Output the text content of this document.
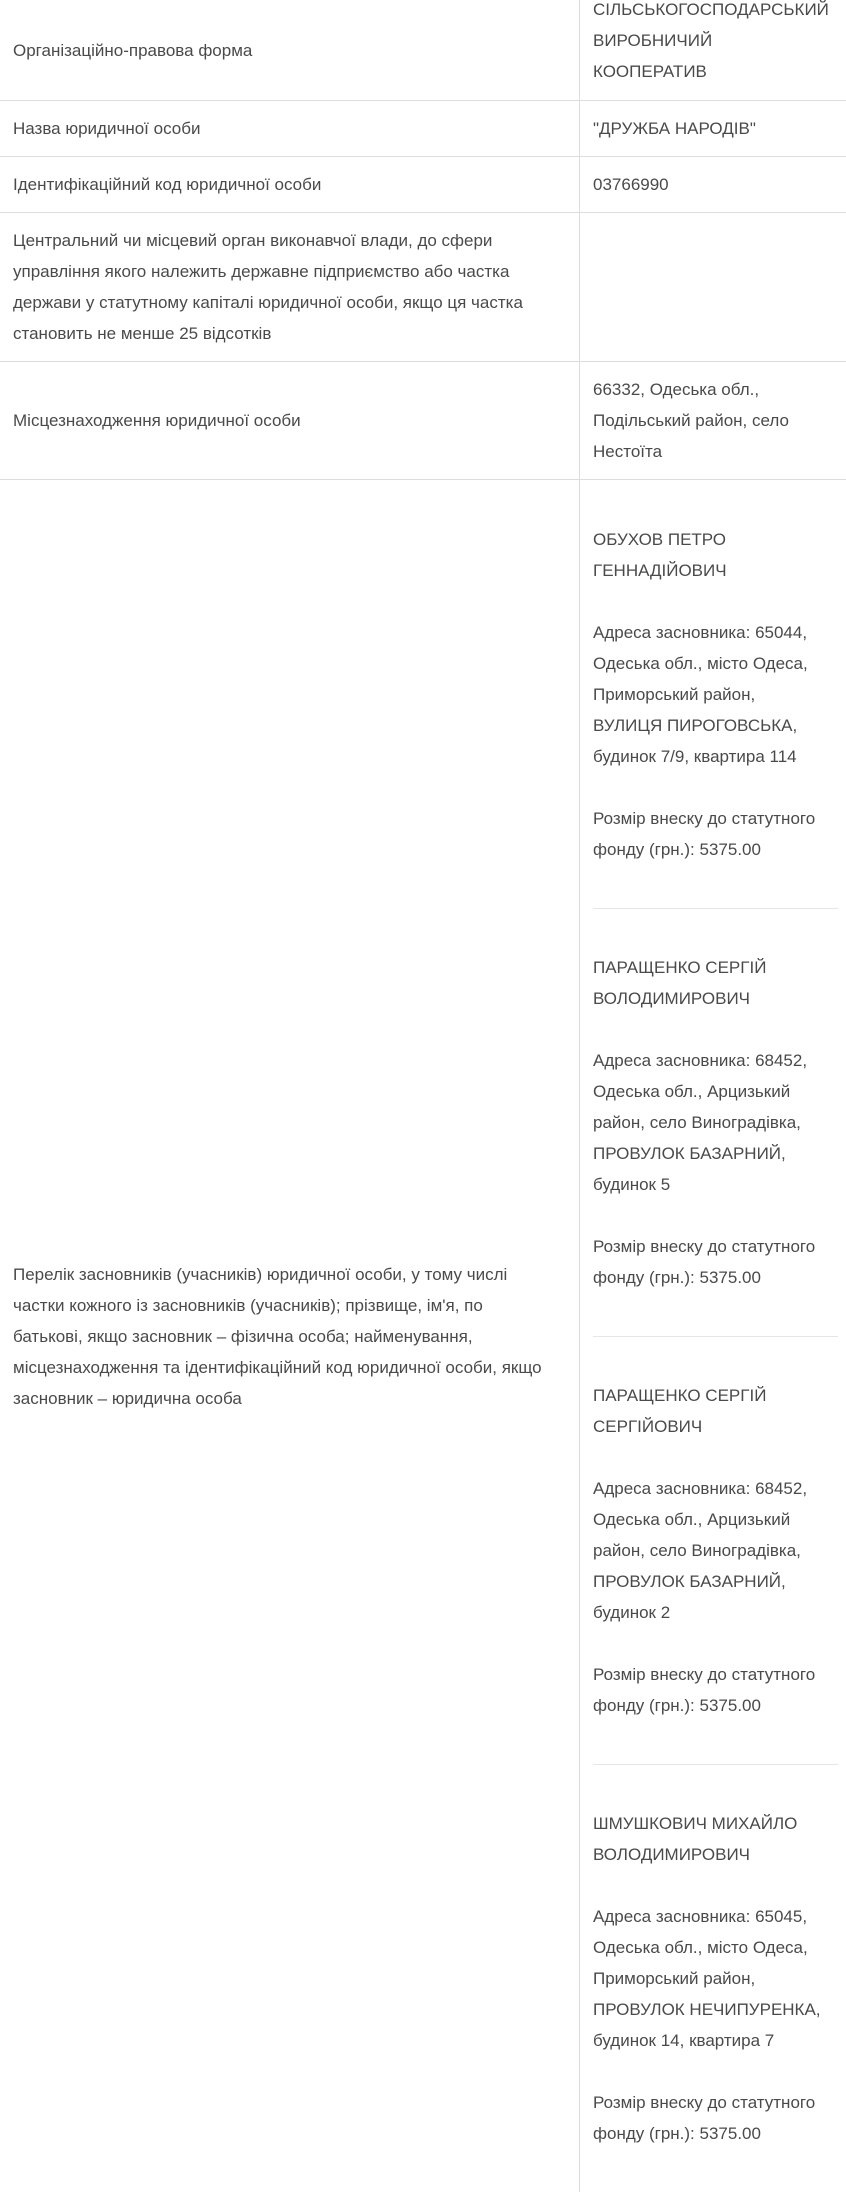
Організаційно-правова форма
СІЛЬСЬКОГОСПОДАРСЬКИЙ
ВИРОБНИЧИЙ
КООПЕРАТИВ
Назва юридичної особи	"ДРУЖБА НАРОДІВ"
Ідентифікаційний код юридичної особи	03766990
Центральний чи місцевий орган виконавчої влади, до сфери управління якого належить державне підприємство або частка держави у статутному капіталі юридичної особи, якщо ця частка становить не менше 25 відсотків
Місцезнаходження юридичної особи
66332, Одеська обл.,
Подільський район, село
Нестоїта
Перелік засновників (учасників) юридичної особи, у тому числі частки кожного із засновників (учасників); прізвище, ім'я, по батькові, якщо засновник – фізична особа; найменування, місцезнаходження та ідентифікаційний код юридичної особи, якщо засновник – юридична особа

ОБУХОВ ПЕТРО
ГЕННАДІЙОВИЧ

Адреса засновника: 65044,
Одеська обл., місто Одеса,
Приморський район,
ВУЛИЦЯ ПИРОГОВСЬКА,
будинок 7/9, квартира 114

Розмір внеску до статутного
фонду (грн.): 5375.00

ПАРАЩЕНКО СЕРГІЙ
ВОЛОДИМИРОВИЧ

Адреса засновника: 68452,
Одеська обл., Арцизький
район, село Виноградівка,
ПРОВУЛОК БАЗАРНИЙ,
будинок 5

Розмір внеску до статутного
фонду (грн.): 5375.00

ПАРАЩЕНКО СЕРГІЙ
СЕРГІЙОВИЧ

Адреса засновника: 68452,
Одеська обл., Арцизький
район, село Виноградівка,
ПРОВУЛОК БАЗАРНИЙ,
будинок 2

Розмір внеску до статутного
фонду (грн.): 5375.00

ШМУШКОВИЧ МИХАЙЛО
ВОЛОДИМИРОВИЧ

Адреса засновника: 65045,
Одеська обл., місто Одеса,
Приморський район,
ПРОВУЛОК НЕЧИПУРЕНКА,
будинок 14, квартира 7

Розмір внеску до статутного
фонду (грн.): 5375.00
